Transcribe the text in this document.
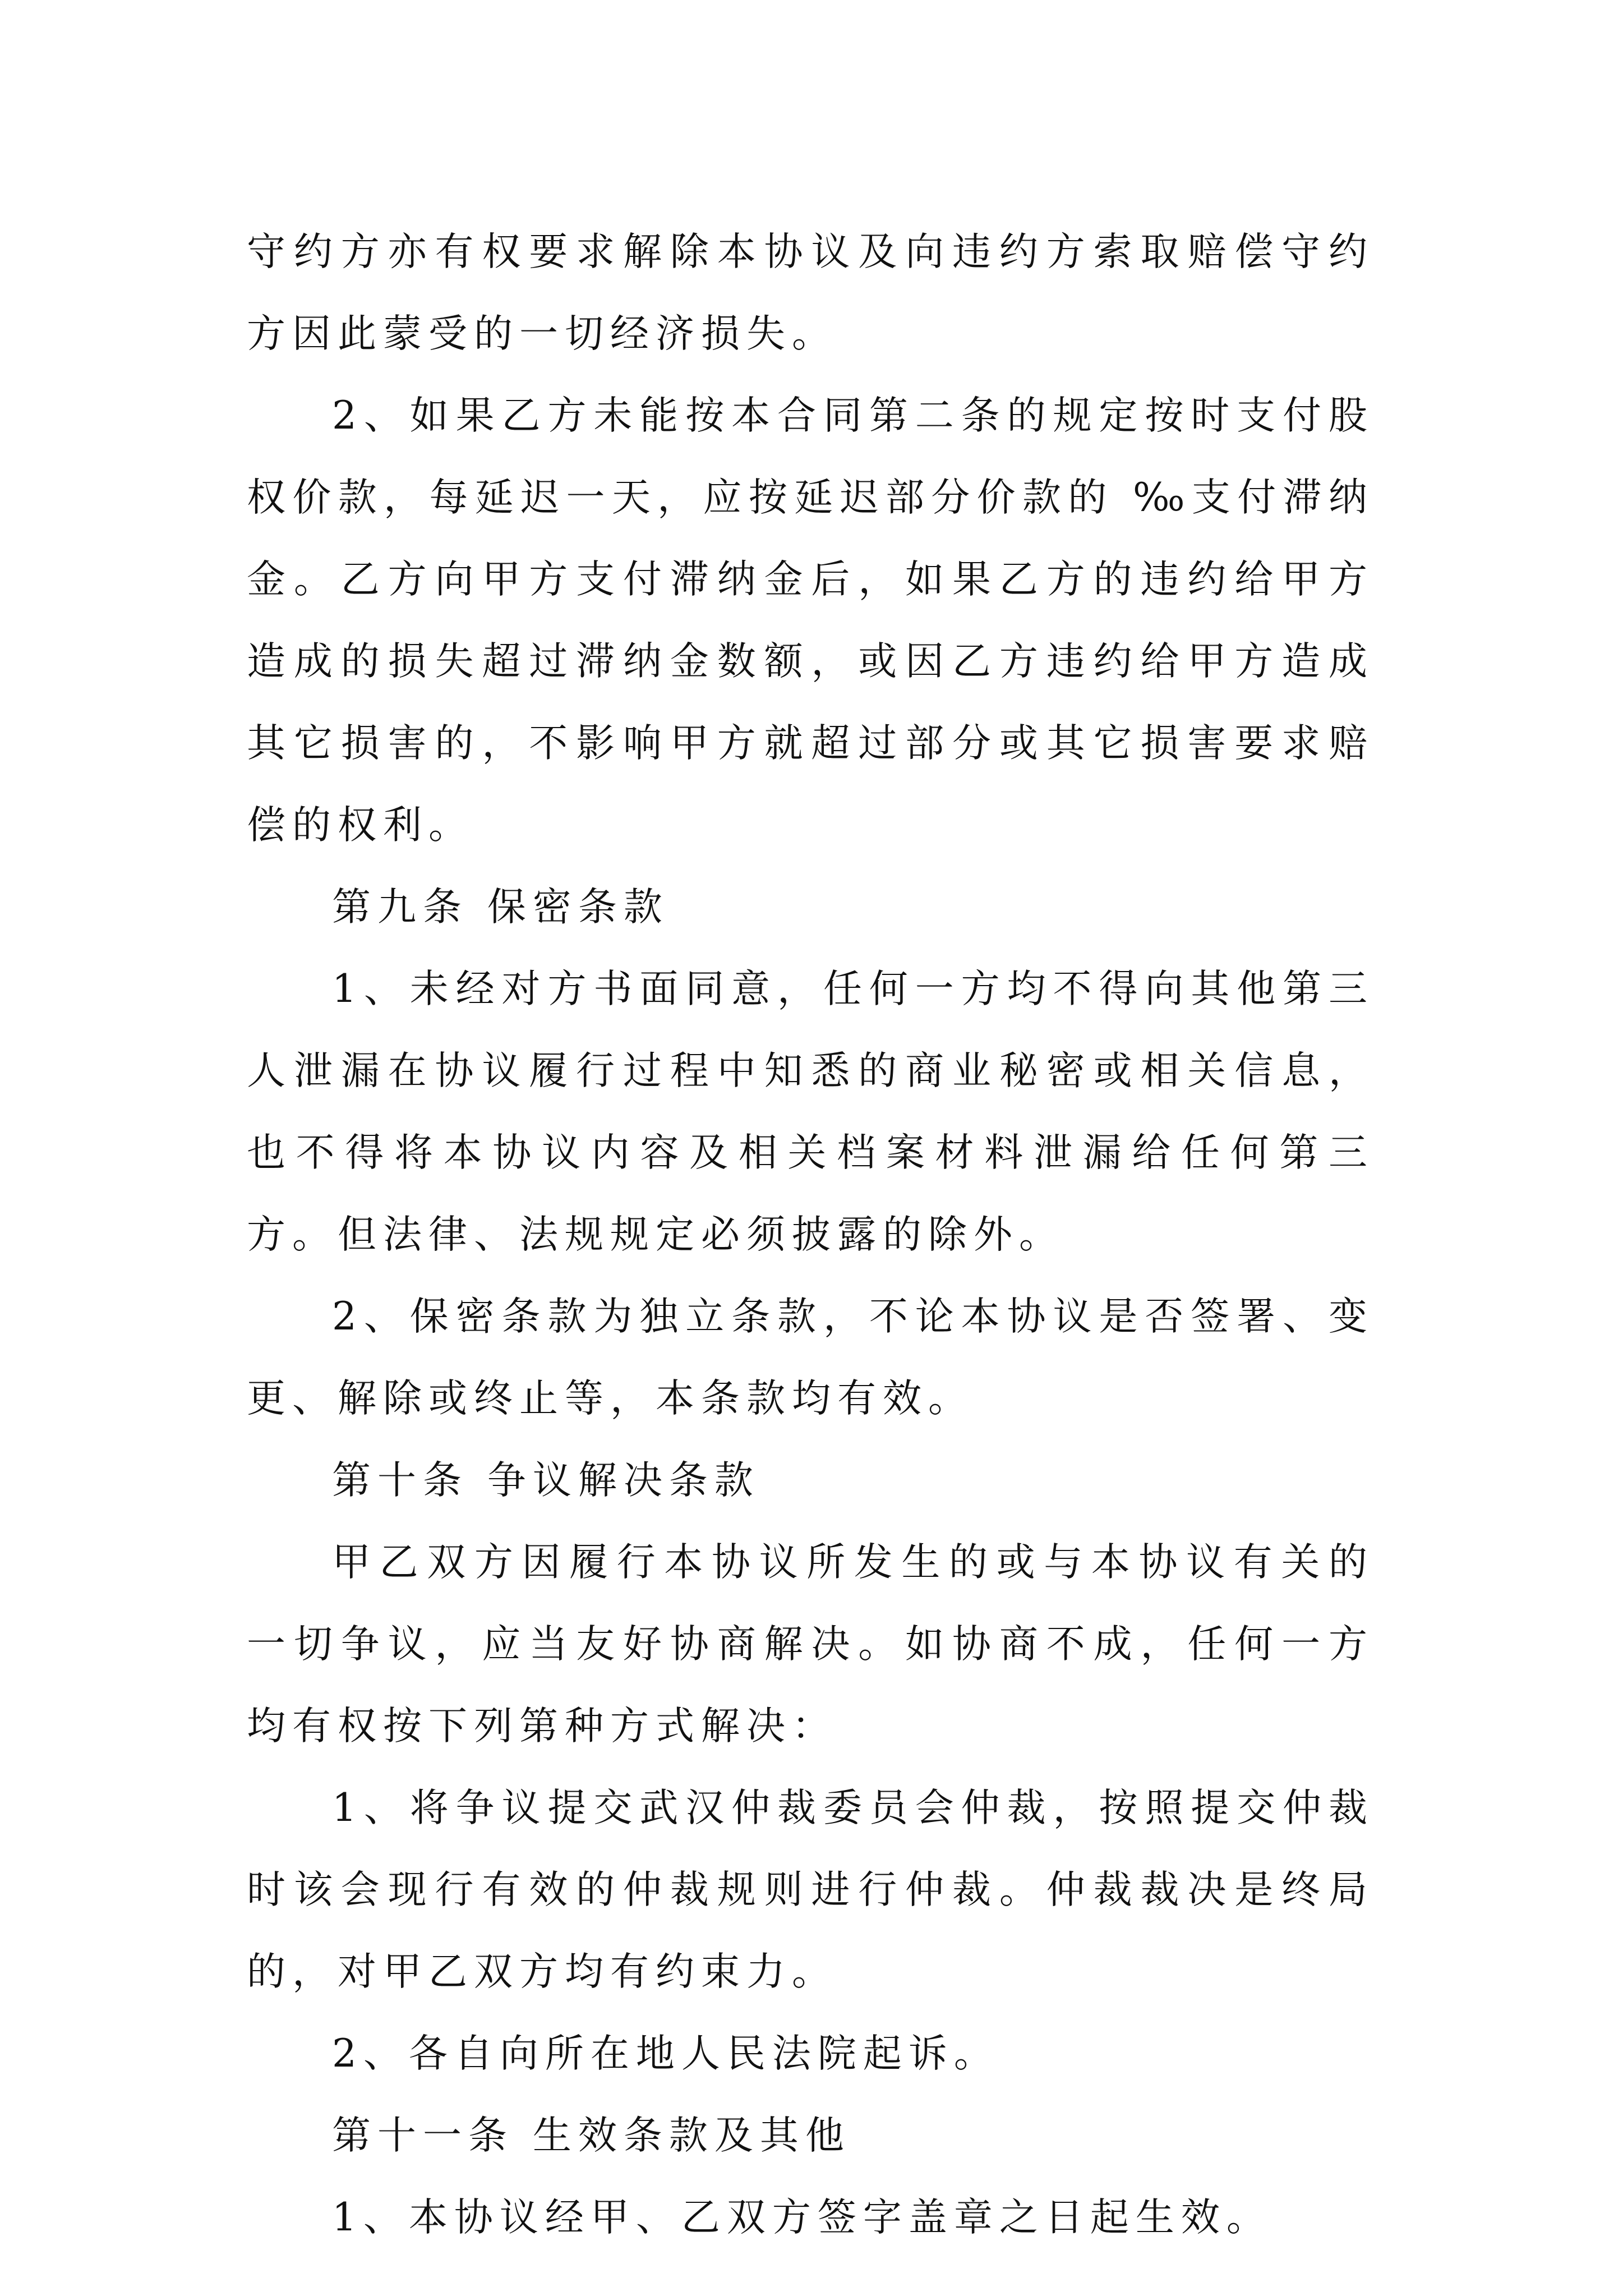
守约方亦有权要求解除本协议及向违约方索取赔偿守约方因此蒙受的一切经济损失。

2、如果乙方未能按本合同第二条的规定按时支付股权价款，每延迟一天，应按延迟部分价款的 ‰支付滞纳金。乙方向甲方支付滞纳金后，如果乙方的违约给甲方造成的损失超过滞纳金数额，或因乙方违约给甲方造成其它损害的，不影响甲方就超过部分或其它损害要求赔偿的权利。

第九条 保密条款

1、未经对方书面同意，任何一方均不得向其他第三人泄漏在协议履行过程中知悉的商业秘密或相关信息，也不得将本协议内容及相关档案材料泄漏给任何第三方。但法律、法规规定必须披露的除外。

2、保密条款为独立条款，不论本协议是否签署、变更、解除或终止等，本条款均有效。

第十条 争议解决条款

甲乙双方因履行本协议所发生的或与本协议有关的一切争议，应当友好协商解决。如协商不成，任何一方均有权按下列第种方式解决：

1、将争议提交武汉仲裁委员会仲裁，按照提交仲裁时该会现行有效的仲裁规则进行仲裁。仲裁裁决是终局的，对甲乙双方均有约束力。

2、各自向所在地人民法院起诉。

第十一条 生效条款及其他

1、本协议经甲、乙双方签字盖章之日起生效。
